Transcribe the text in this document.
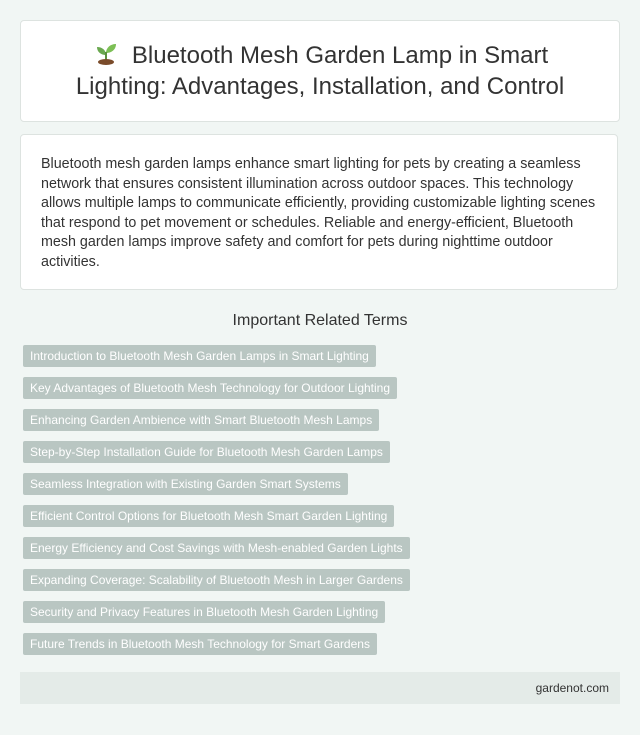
Bluetooth Mesh Garden Lamp in Smart Lighting: Advantages, Installation, and Control

Bluetooth mesh garden lamps enhance smart lighting for pets by creating a seamless network that ensures consistent illumination across outdoor spaces. This technology allows multiple lamps to communicate efficiently, providing customizable lighting scenes that respond to pet movement or schedules. Reliable and energy-efficient, Bluetooth mesh garden lamps improve safety and comfort for pets during nighttime outdoor activities.

Important Related Terms
Introduction to Bluetooth Mesh Garden Lamps in Smart Lighting
Key Advantages of Bluetooth Mesh Technology for Outdoor Lighting
Enhancing Garden Ambience with Smart Bluetooth Mesh Lamps
Step-by-Step Installation Guide for Bluetooth Mesh Garden Lamps
Seamless Integration with Existing Garden Smart Systems
Efficient Control Options for Bluetooth Mesh Smart Garden Lighting
Energy Efficiency and Cost Savings with Mesh-enabled Garden Lights
Expanding Coverage: Scalability of Bluetooth Mesh in Larger Gardens
Security and Privacy Features in Bluetooth Mesh Garden Lighting
Future Trends in Bluetooth Mesh Technology for Smart Gardens
gardenot.com
